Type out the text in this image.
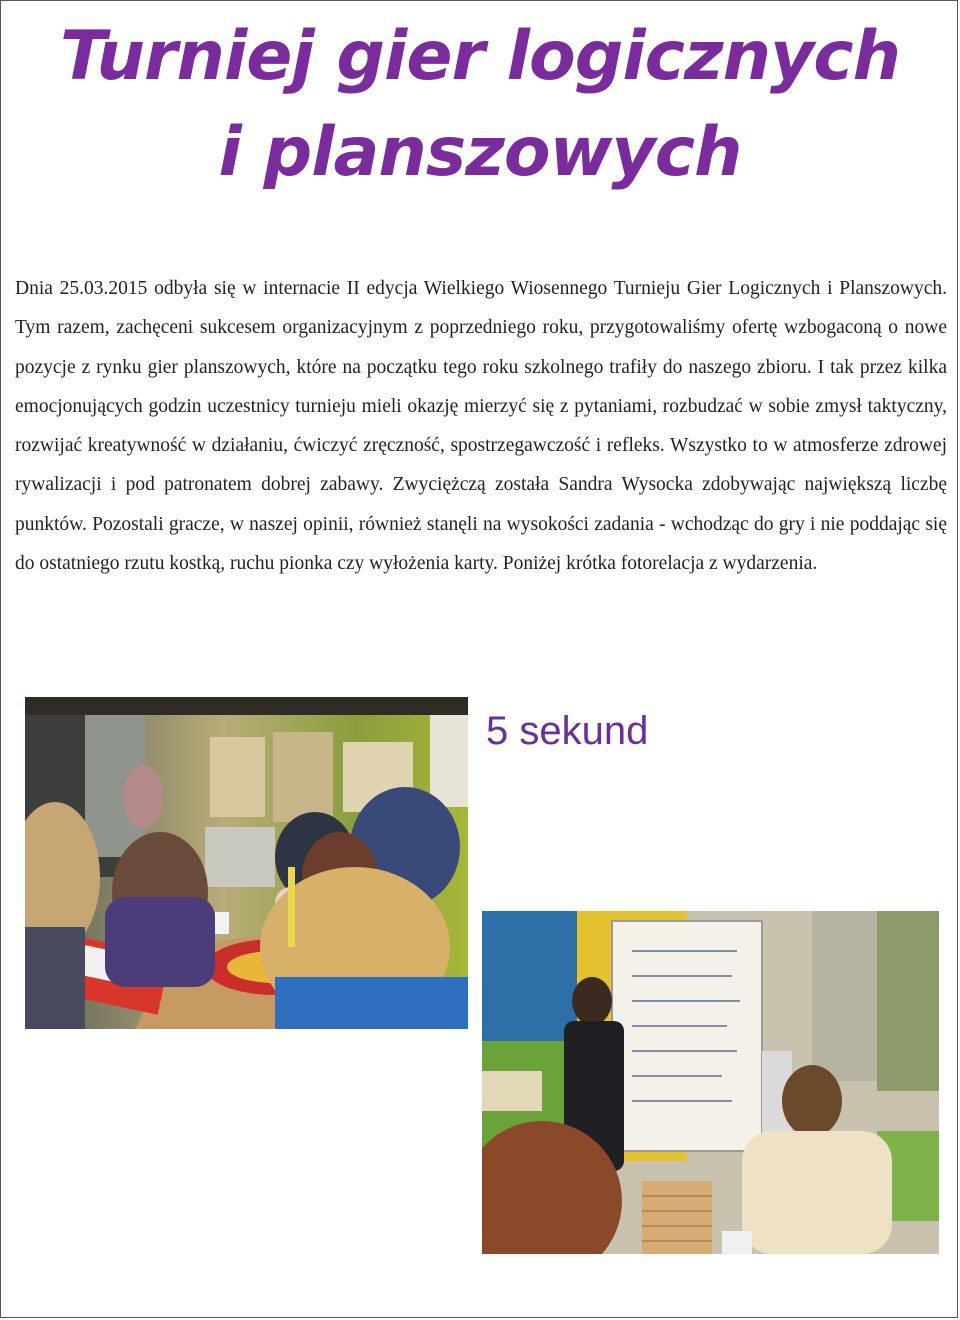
Turniej gier logicznych
i planszowych

Dnia 25.03.2015 odbyła się w internacie II edycja Wielkiego Wiosennego Turnieju Gier Logicznych i Planszowych. Tym razem, zachęceni sukcesem organizacyjnym z poprzedniego roku, przygotowaliśmy ofertę wzbogaconą o nowe pozycje z rynku gier planszowych, które na początku tego roku szkolnego trafiły do naszego zbioru. I tak przez kilka emocjonujących godzin uczestnicy turnieju mieli okazję mierzyć się z pytaniami, rozbudzać w sobie zmysł taktyczny, rozwijać kreatywność w działaniu, ćwiczyć zręczność, spostrzegawczość i refleks. Wszystko to w atmosferze zdrowej rywalizacji i pod patronatem dobrej zabawy. Zwyciężczą została Sandra Wysocka zdobywając największą liczbę punktów. Pozostali gracze, w naszej opinii, również stanęli na wysokości zadania - wchodząc do gry i nie poddając się do ostatniego rzutu kostką, ruchu pionka czy wyłożenia karty. Poniżej krótka fotorelacja z wydarzenia.

5 sekund
